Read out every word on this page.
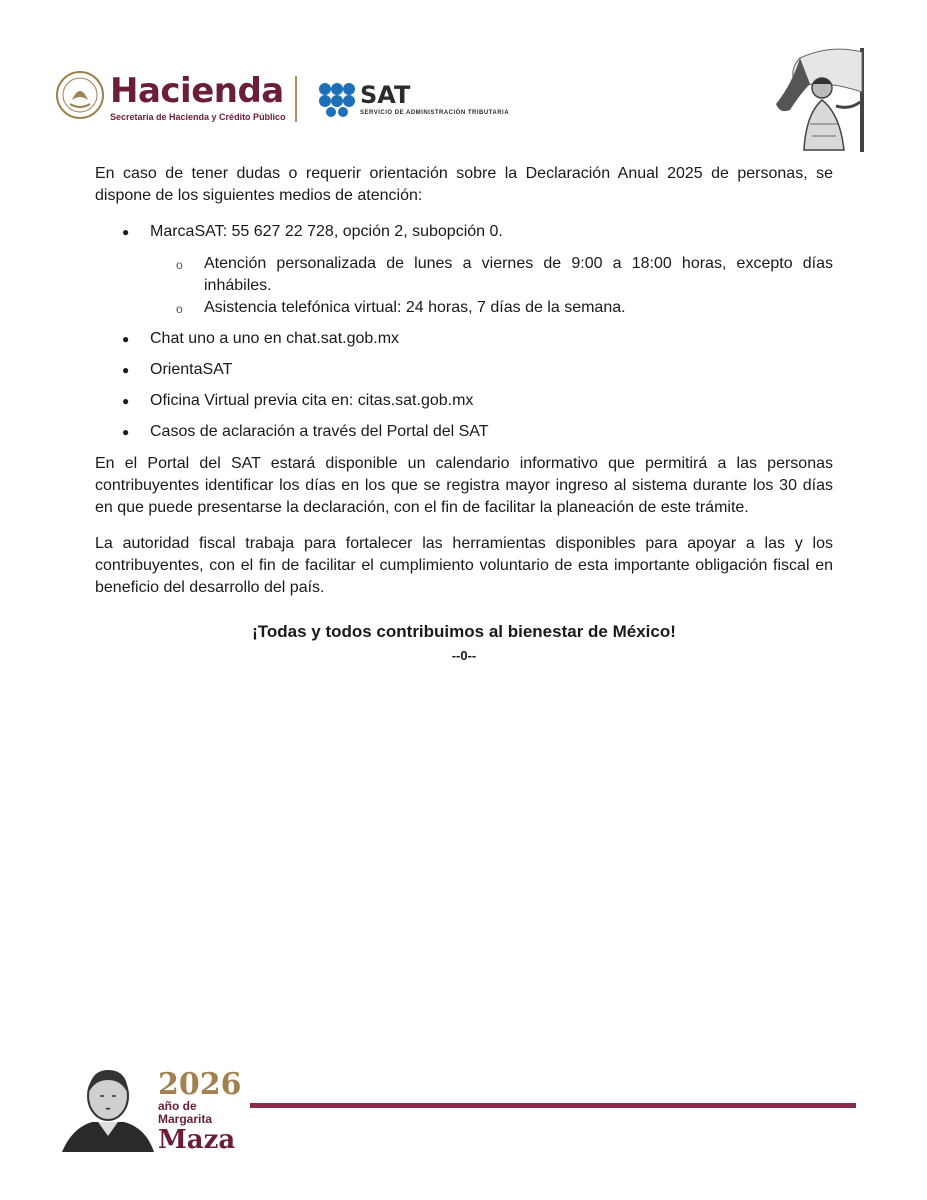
Hacienda
Secretaría de Hacienda y Crédito Público
SAT
SERVICIO DE ADMINISTRACIÓN TRIBUTARIA

En caso de tener dudas o requerir orientación sobre la Declaración Anual 2025 de personas, se dispone de los siguientes medios de atención:

● MarcaSAT: 55 627 22 728, opción 2, subopción 0.
o Atención personalizada de lunes a viernes de 9:00 a 18:00 horas, excepto días inhábiles.
o Asistencia telefónica virtual: 24 horas, 7 días de la semana.
● Chat uno a uno en chat.sat.gob.mx
● OrientaSAT
● Oficina Virtual previa cita en: citas.sat.gob.mx
● Casos de aclaración a través del Portal del SAT

En el Portal del SAT estará disponible un calendario informativo que permitirá a las personas contribuyentes identificar los días en los que se registra mayor ingreso al sistema durante los 30 días en que puede presentarse la declaración, con el fin de facilitar la planeación de este trámite.

La autoridad fiscal trabaja para fortalecer las herramientas disponibles para apoyar a las y los contribuyentes, con el fin de facilitar el cumplimiento voluntario de esta importante obligación fiscal en beneficio del desarrollo del país.

¡Todas y todos contribuimos al bienestar de México!
--0--
2026
año de
Margarita
Maza
